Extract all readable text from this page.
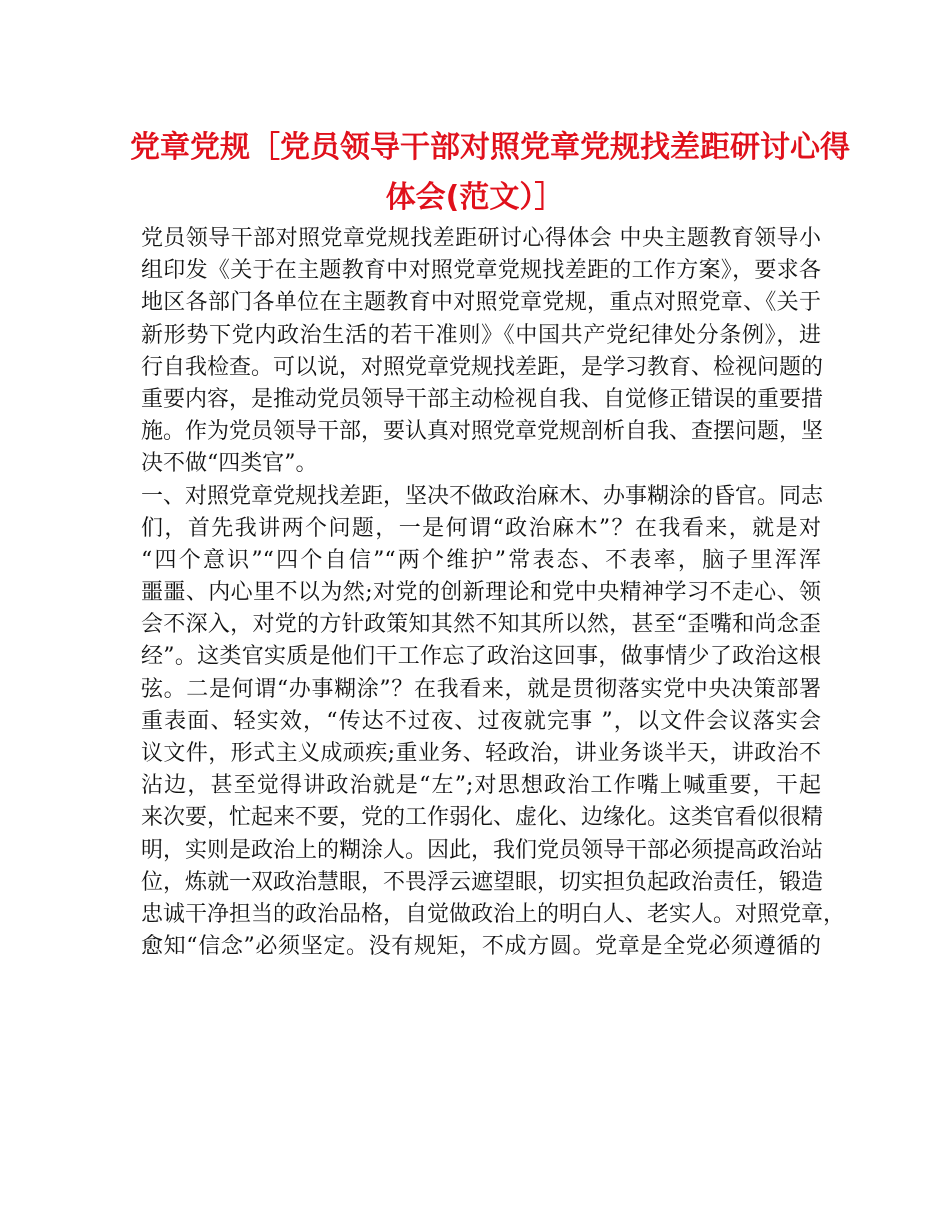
党章党规［党员领导干部对照党章党规找差距研讨心得
体会(范文）］
党员领导干部对照党章党规找差距研讨心得体会 中央主题教育领导小
组印发《关于在主题教育中对照党章党规找差距的工作方案》，要求各
地区各部门各单位在主题教育中对照党章党规，重点对照党章、《关于
新形势下党内政治生活的若干准则》《中国共产党纪律处分条例》，进
行自我检查。可以说，对照党章党规找差距，是学习教育、检视问题的
重要内容，是推动党员领导干部主动检视自我、自觉修正错误的重要措
施。作为党员领导干部，要认真对照党章党规剖析自我、查摆问题，坚
决不做“四类官”。
一、对照党章党规找差距，坚决不做政治麻木、办事糊涂的昏官。同志
们，首先我讲两个问题，一是何谓“政治麻木”？在我看来，就是对
“四个意识”“四个自信”“两个维护”常表态、不表率，脑子里浑浑
噩噩、内心里不以为然;对党的创新理论和党中央精神学习不走心、领
会不深入，对党的方针政策知其然不知其所以然，甚至“歪嘴和尚念歪
经”。这类官实质是他们干工作忘了政治这回事，做事情少了政治这根
弦。二是何谓“办事糊涂”？在我看来，就是贯彻落实党中央决策部署
重表面、轻实效，“传达不过夜、过夜就完事 ”，以文件会议落实会
议文件，形式主义成顽疾;重业务、轻政治，讲业务谈半天，讲政治不
沾边，甚至觉得讲政治就是“左”;对思想政治工作嘴上喊重要，干起
来次要，忙起来不要，党的工作弱化、虚化、边缘化。这类官看似很精
明，实则是政治上的糊涂人。因此，我们党员领导干部必须提高政治站
位，炼就一双政治慧眼，不畏浮云遮望眼，切实担负起政治责任，锻造
忠诚干净担当的政治品格，自觉做政治上的明白人、老实人。对照党章，
愈知“信念”必须坚定。没有规矩，不成方圆。党章是全党必须遵循的
